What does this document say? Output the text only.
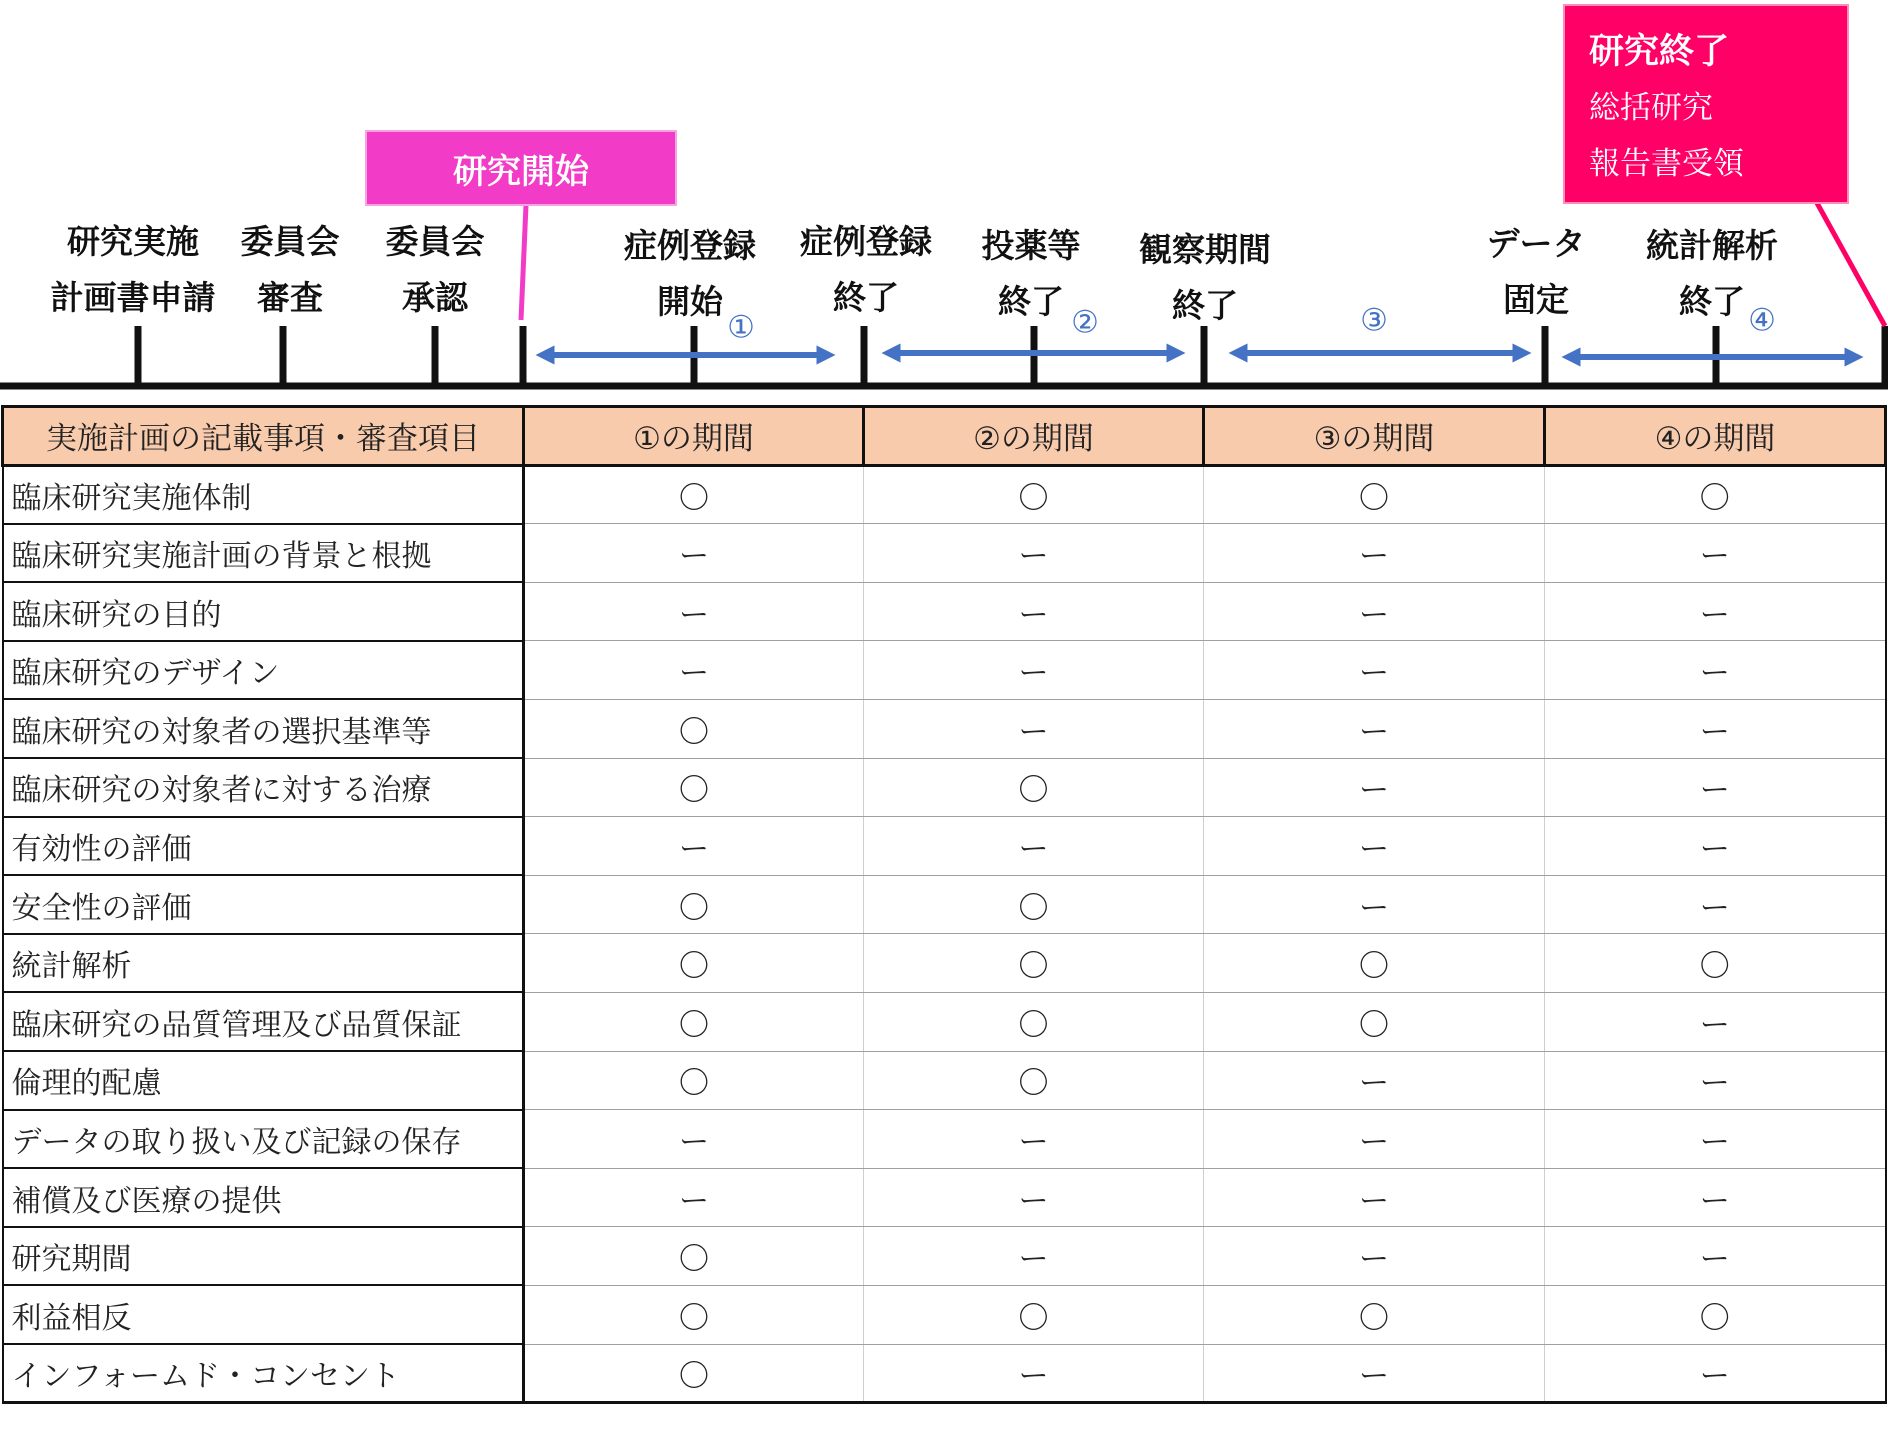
研究実施
計画書申請
委員会
審査
委員会
承認
症例登録
開始
症例登録
終了
投薬等
終了
観察期間
終了
データ
固定
統計解析
終了
①	②	③	④
研究開始
研究終了
総括研究
報告書受領
実施計画の記載事項・審査項目	①の期間	②の期間	③の期間	④の期間
臨床研究実施体制	〇	〇	〇	〇
臨床研究実施計画の背景と根拠	ー	ー	ー	ー
臨床研究の目的	ー	ー	ー	ー
臨床研究のデザイン	ー	ー	ー	ー
臨床研究の対象者の選択基準等	〇	ー	ー	ー
臨床研究の対象者に対する治療	〇	〇	ー	ー
有効性の評価	ー	ー	ー	ー
安全性の評価	〇	〇	ー	ー
統計解析	〇	〇	〇	〇
臨床研究の品質管理及び品質保証	〇	〇	〇	ー
倫理的配慮	〇	〇	ー	ー
データの取り扱い及び記録の保存	ー	ー	ー	ー
補償及び医療の提供	ー	ー	ー	ー
研究期間	〇	ー	ー	ー
利益相反	〇	〇	〇	〇
インフォームド・コンセント	〇	ー	ー	ー
